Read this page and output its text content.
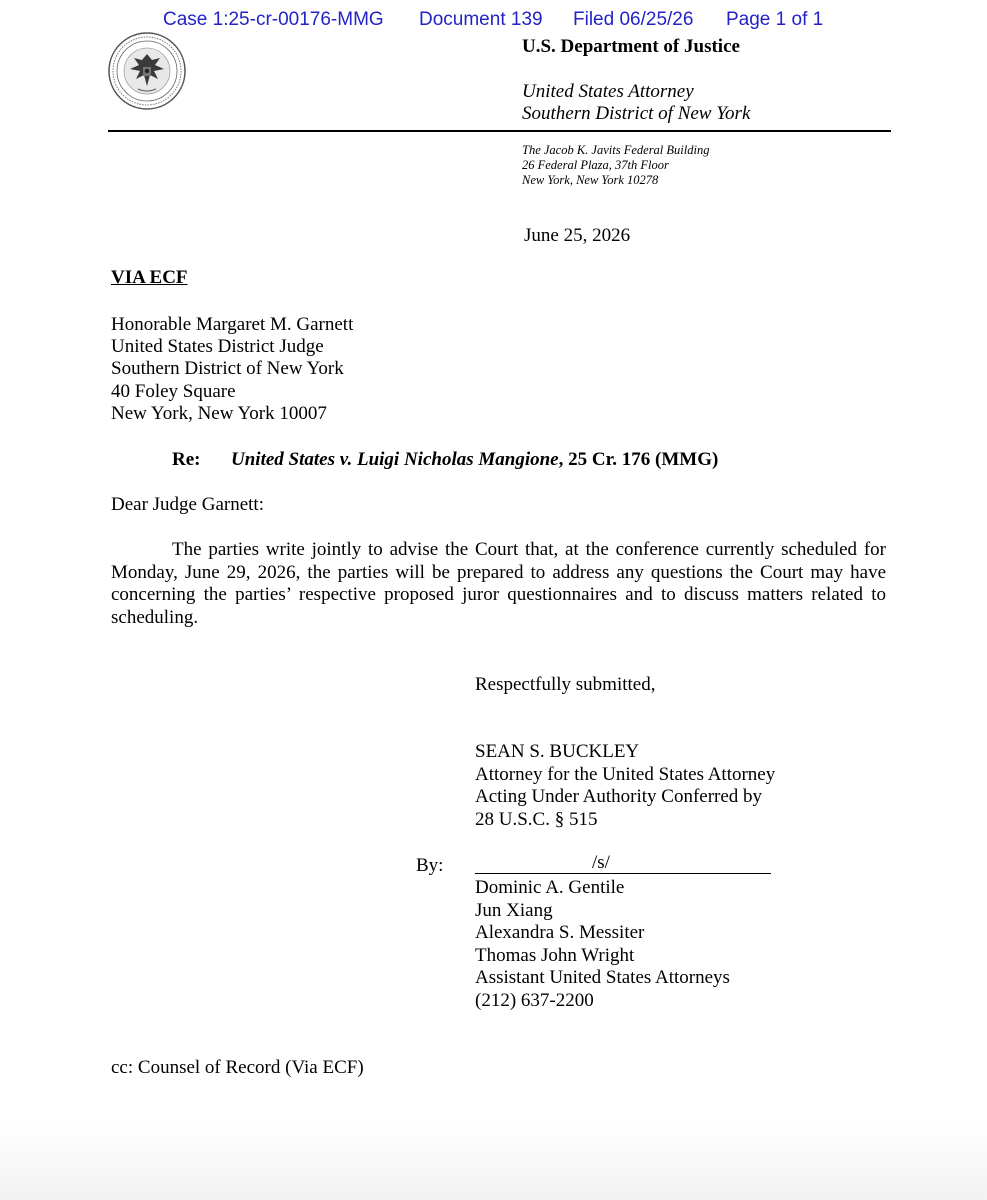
Case 1:25-cr-00176-MMG Document 139 Filed 06/25/26 Page 1 of 1
U.S. Department of Justice
United States Attorney
Southern District of New York
The Jacob K. Javits Federal Building
26 Federal Plaza, 37th Floor
New York, New York 10278
June 25, 2026
VIA ECF
Honorable Margaret M. Garnett
United States District Judge
Southern District of New York
40 Foley Square
New York, New York 10007
Re: United States v. Luigi Nicholas Mangione, 25 Cr. 176 (MMG)
Dear Judge Garnett:

The parties write jointly to advise the Court that, at the conference currently scheduled for Monday, June 29, 2026, the parties will be prepared to address any questions the Court may have concerning the parties’ respective proposed juror questionnaires and to discuss matters related to scheduling.

Respectfully submitted,
SEAN S. BUCKLEY
Attorney for the United States Attorney
Acting Under Authority Conferred by
28 U.S.C. § 515
By:	/s/
Dominic A. Gentile
Jun Xiang
Alexandra S. Messiter
Thomas John Wright
Assistant United States Attorneys
(212) 637-2200
cc: Counsel of Record (Via ECF)
